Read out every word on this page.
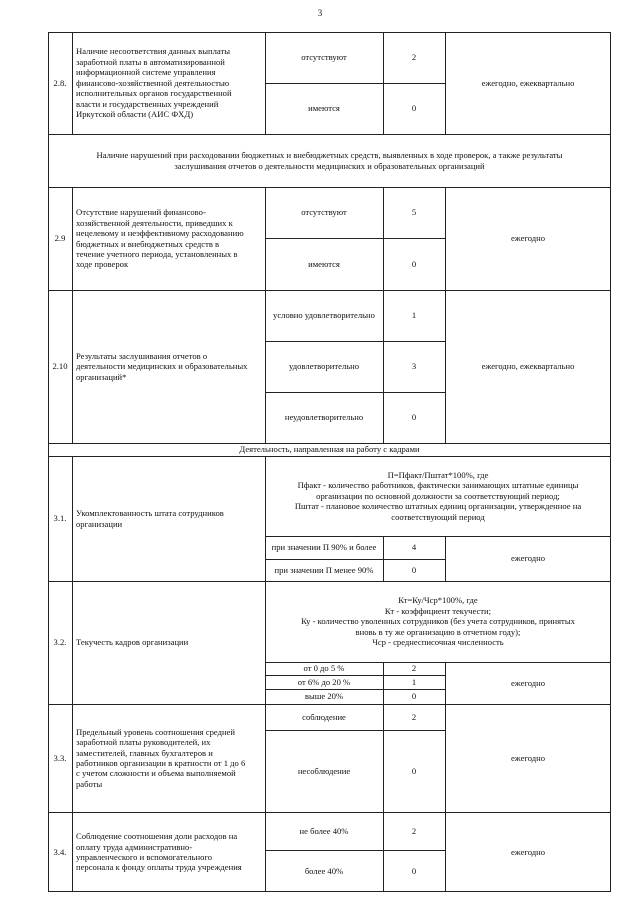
3
2.8.
Наличие несоответствия данных выплаты
заработной платы в автоматизированной
информационной системе управления
финансово-хозяйственной деятельностью
исполнительных органов государственной
власти и государственных учреждений
Иркутской области (АИС ФХД)
отсутствуют	2
имеются	0
ежегодно, ежеквартально
Наличие нарушений при расходовании бюджетных и внебюджетных средств, выявленных в ходе проверок, а также результаты
заслушивания отчетов о деятельности медицинских и образовательных организаций
2.9
Отсутствие нарушений финансово-
хозяйственной деятельности, приведших к
нецелевому и неэффективному расходованию
бюджетных и внебюджетных средств в
течение учетного периода, установленных в
ходе проверок
отсутствуют	5
имеются	0
ежегодно
2.10
Результаты заслушивания отчетов о
деятельности медицинских и образовательных
организаций*
условно удовлетворительно	1
удовлетворительно	3
неудовлетворительно	0
ежегодно, ежеквартально
Деятельность, направленная на работу с кадрами
3.1.
Укомплектованность штата сотрудников
организации
П=Пфакт/Пштат*100%, где
Пфакт - количество работников, фактически занимающих штатные единицы
организации по основной должности за соответствующий период;
Пштат - плановое количество штатных единиц организации, утвержденное на
соответствующий период
при значении П 90% и более	4
при значении П менее 90%	0
ежегодно
3.2.	Текучесть кадров организации
Кт=Ку/Чср*100%, где
Кт - коэффициент текучести;
Ку - количество уволенных сотрудников (без учета сотрудников, принятых
вновь в ту же организацию в отчетном году);
Чср - среднесписочная численность
от 0 до 5 %	2
от 6% до 20 %	1
выше 20%	0
ежегодно
3.3.
Предельный уровень соотношения средней
заработной платы руководителей, их
заместителей, главных бухгалтеров и
работников организации в кратности от 1 до 6
с учетом сложности и объема выполняемой
работы
соблюдение	2
несоблюдение	0
ежегодно
3.4.
Соблюдение соотношения доли расходов на
оплату труда административно-
управленческого и вспомогательного
персонала к фонду оплаты труда учреждения
не более 40%	2
более 40%	0
ежегодно
